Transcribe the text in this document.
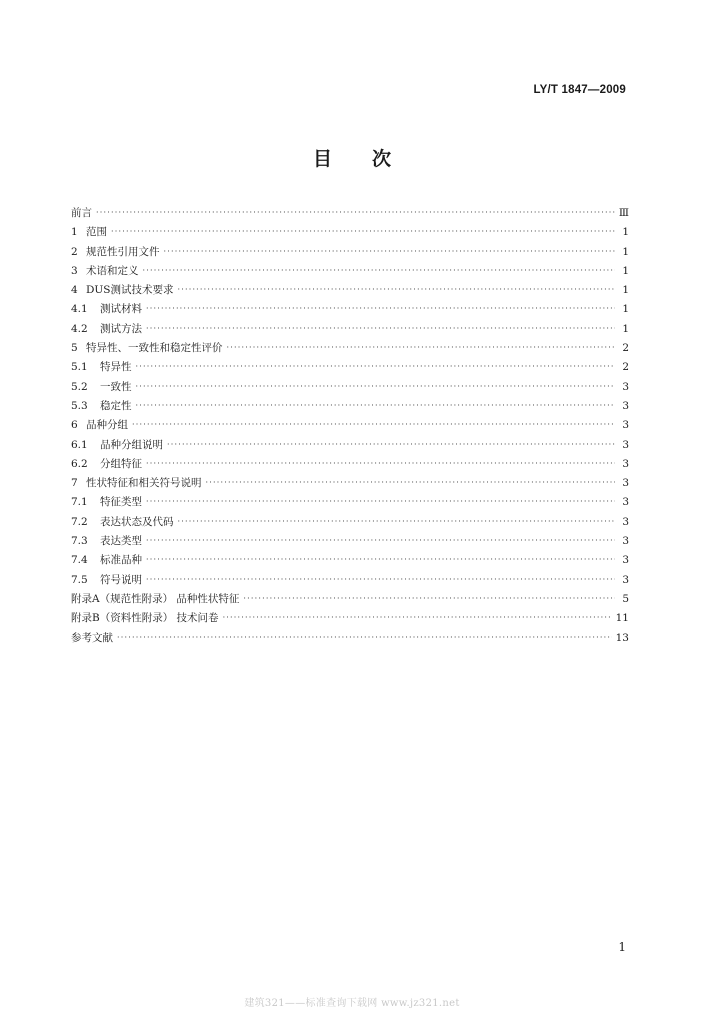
LY/T 1847—2009
目次
前言 ·····	Ⅲ
1 范围 ·····	1
2 规范性引用文件 ·····	1
3 术语和定义 ·····	1
4 DUS测试技术要求 ·····	1
4.1	测试材料 ·····	1
4.2	测试方法 ·····	1
5 特异性、一致性和稳定性评价 ·····	2
5.1	特异性 ·····	2
5.2	一致性 ·····	3
5.3	稳定性 ·····	3
6 品种分组 ·····	3
6.1	品种分组说明 ·····	3
6.2	分组特征 ·····	3
7 性状特征和相关符号说明 ·····	3
7.1	特征类型 ·····	3
7.2	表达状态及代码 ·····	3
7.3	表达类型 ·····	3
7.4	标准品种 ·····	3
7.5	符号说明 ·····	3
附录A（规范性附录） 品种性状特征 ·····	5
附录B（资料性附录） 技术问卷 ·····	11
参考文献 ·····	13
1
建筑321——标准查询下载网 www.jz321.net
